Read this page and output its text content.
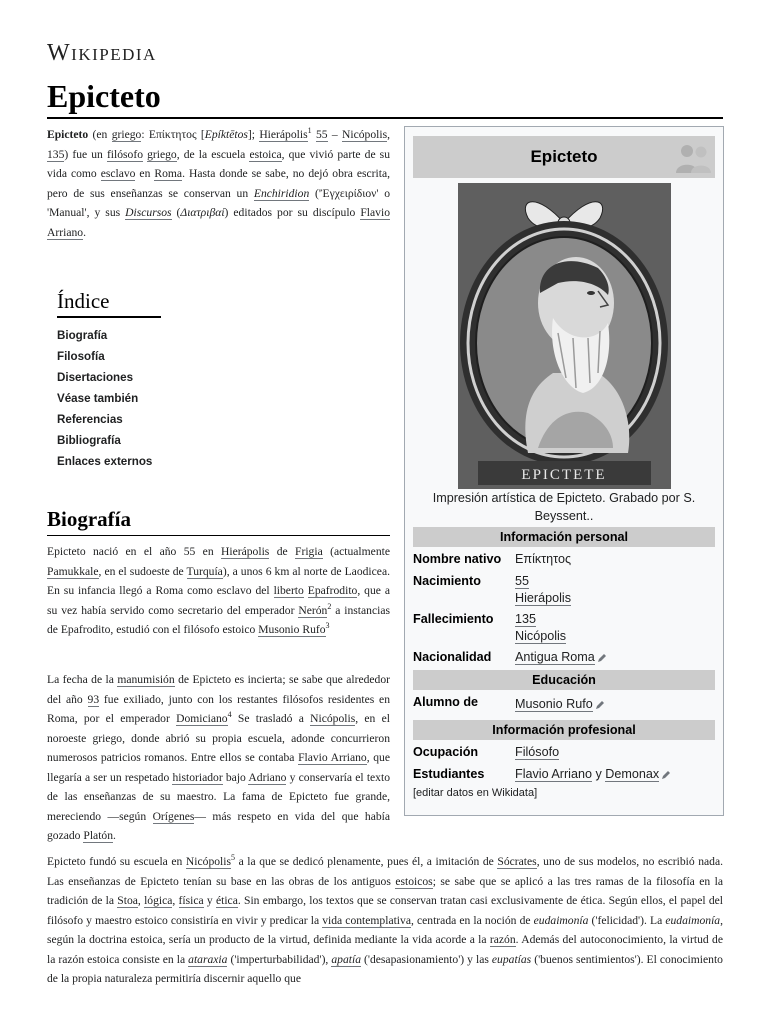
Wikipedia
Epicteto
Epicteto (en griego: Επίκτητος [Epíktētos]; Hierápolis$^1$ 55 – Nicópolis, 135) fue un filósofo griego, de la escuela estoica, que vivió parte de su vida como esclavo en Roma. Hasta donde se sabe, no dejó obra escrita, pero de sus enseñanzas se conservan un Enchiridion ('Ἐγχειρίδιον' o 'Manual', y sus Discursos (Διατριβαί) editados por su discípulo Flavio Arriano.
Índice
Biografía
Filosofía
Disertaciones
Véase también
Referencias
Bibliografía
Enlaces externos
Biografía
Epicteto nació en el año 55 en Hierápolis de Frigia (actualmente Pamukkale, en el sudoeste de Turquía), a unos 6 km al norte de Laodicea. En su infancia llegó a Roma como esclavo del liberto Epafrodito, que a su vez había servido como secretario del emperador Nerón$^2$ a instancias de Epafrodito, estudió con el filósofo estoico Musonio Rufo$^3$
La fecha de la manumisión de Epicteto es incierta; se sabe que alrededor del año 93 fue exiliado, junto con los restantes filósofos residentes en Roma, por el emperador Domiciano$^4$ Se trasladó a Nicópolis, en el noroeste griego, donde abrió su propia escuela, adonde concurrieron numerosos patricios romanos. Entre ellos se contaba Flavio Arriano, que llegaría a ser un respetado historiador bajo Adriano y conservaría el texto de las enseñanzas de su maestro. La fama de Epicteto fue grande, mereciendo —según Orígenes— más respeto en vida del que había gozado Platón.
Epicteto fundó su escuela en Nicópolis$^5$ a la que se dedicó plenamente, pues él, a imitación de Sócrates, uno de sus modelos, no escribió nada. Las enseñanzas de Epicteto tenían su base en las obras de los antiguos estoicos; se sabe que se aplicó a las tres ramas de la filosofía en la tradición de la Stoa, lógica, física y ética. Sin embargo, los textos que se conservan tratan casi exclusivamente de ética. Según ellos, el papel del filósofo y maestro estoico consistiría en vivir y predicar la vida contemplativa, centrada en la noción de eudaimonía ('felicidad'). La eudaimonía, según la doctrina estoica, sería un producto de la virtud, definida mediante la vida acorde a la razón. Además del autoconocimiento, la virtud de la razón estoica consiste en la ataraxia ('imperturbabilidad'), apatía ('desapasionamiento') y las eupatías ('buenos sentimientos'). El conocimiento de la propia naturaleza permitiría discernir aquello que
Epicteto
EPICTETE
Impresión artística de Epicteto. Grabado por S. Beyssent..
Información personal
Nombre nativo	Επίκτητος
Nacimiento	55
Hierápolis
Fallecimiento	135
Nicópolis
Nacionalidad	Antigua Roma
Educación
Alumno de	Musonio Rufo
Información profesional
Ocupación	Filósofo
Estudiantes	Flavio Arriano y Demonax
[editar datos en Wikidata]
